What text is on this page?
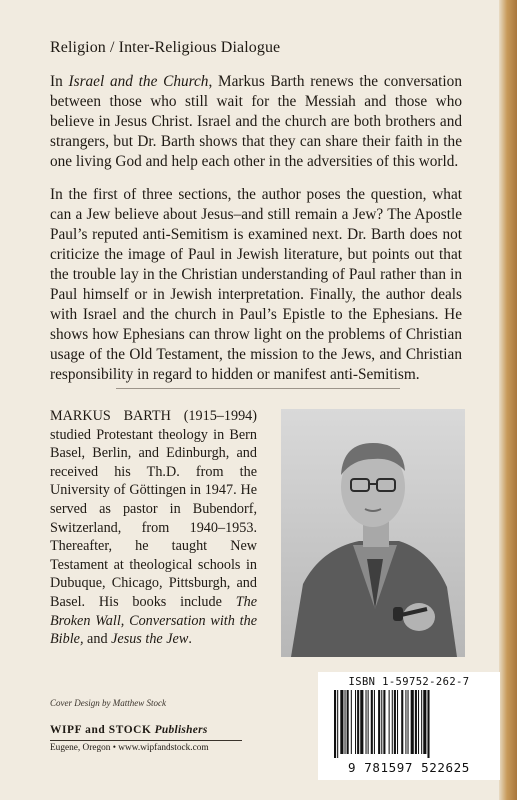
Religion / Inter-Religious Dialogue

In Israel and the Church, Markus Barth renews the conversation between those who still wait for the Messiah and those who believe in Jesus Christ. Israel and the church are both brothers and strangers, but Dr. Barth shows that they can share their faith in the one living God and help each other in the adversities of this world.

In the first of three sections, the author poses the question, what can a Jew believe about Jesus–and still remain a Jew? The Apostle Paul’s reputed anti-Semitism is examined next. Dr. Barth does not criticize the image of Paul in Jewish literature, but points out that the trouble lay in the Christian understanding of Paul rather than in Paul himself or in Jewish interpretation. Finally, the author deals with Israel and the church in Paul’s Epistle to the Ephesians. He shows how Ephesians can throw light on the problems of Christian usage of the Old Testament, the mission to the Jews, and Christian responsibility in regard to hidden or manifest anti-Semitism.

MARKUS BARTH (1915–1994) studied Protestant theology in Bern Basel, Berlin, and Edinburgh, and received his Th.D. from the University of Göttingen in 1947. He served as pastor in Bubendorf, Switzerland, from 1940–1953. Thereafter, he taught New Testament at theological schools in Dubuque, Chicago, Pittsburgh, and Basel. His books include The Broken Wall, Conversation with the Bible, and Jesus the Jew.

Cover Design by Matthew Stock
WIPF and STOCK Publishers
Eugene, Oregon • www.wipfandstock.com
ISBN 1-59752-262-7
9 781597 522625
